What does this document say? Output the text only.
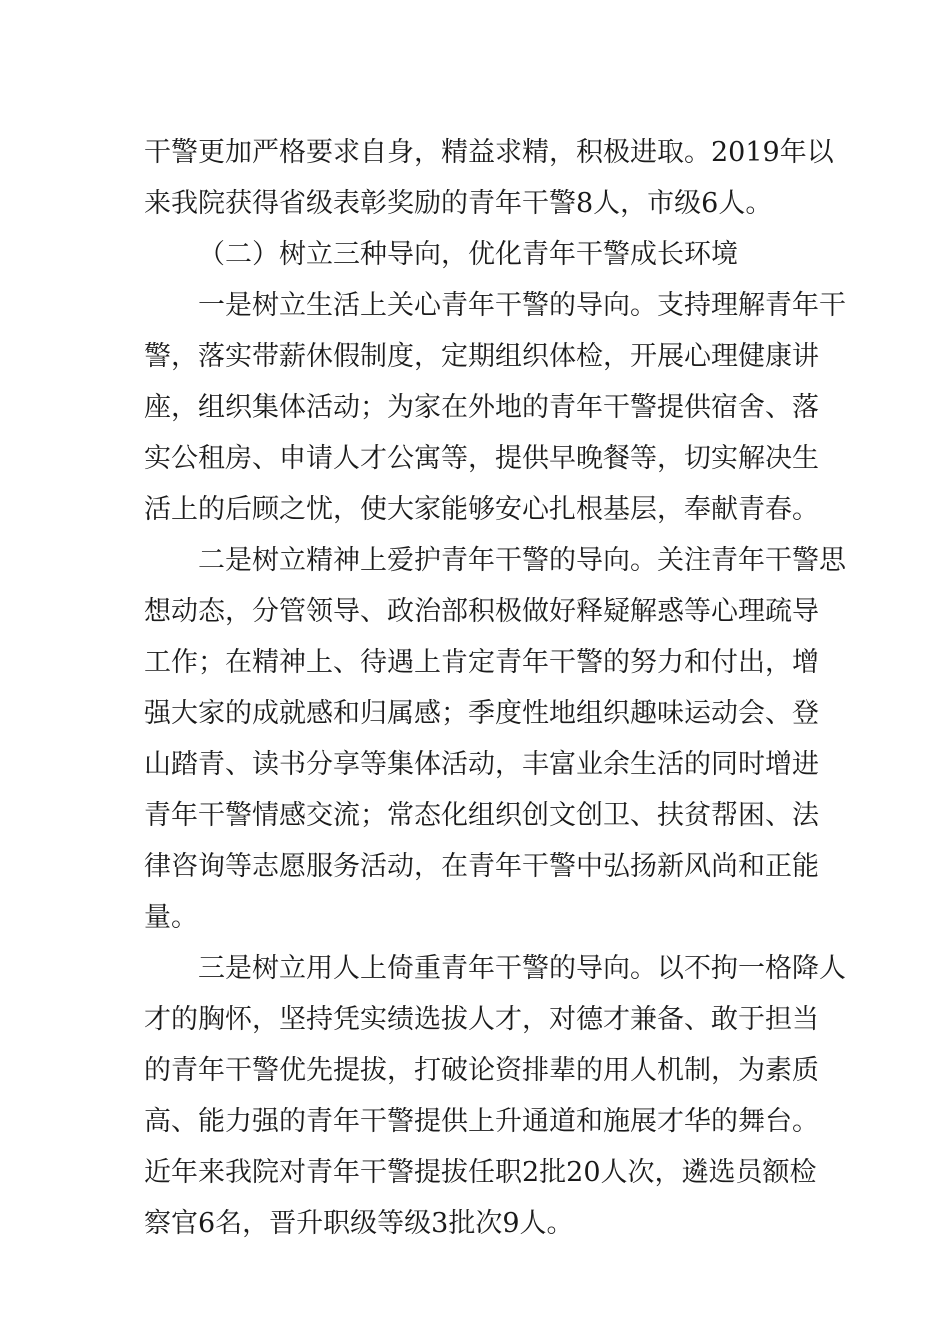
干警更加严格要求自身，精益求精，积极进取。2019年以
来我院获得省级表彰奖励的青年干警8人，市级6人。
（二）树立三种导向，优化青年干警成长环境
一是树立生活上关心青年干警的导向。支持理解青年干
警，落实带薪休假制度，定期组织体检，开展心理健康讲
座，组织集体活动；为家在外地的青年干警提供宿舍、落
实公租房、申请人才公寓等，提供早晚餐等，切实解决生
活上的后顾之忧，使大家能够安心扎根基层，奉献青春。
二是树立精神上爱护青年干警的导向。关注青年干警思
想动态，分管领导、政治部积极做好释疑解惑等心理疏导
工作；在精神上、待遇上肯定青年干警的努力和付出，增
强大家的成就感和归属感；季度性地组织趣味运动会、登
山踏青、读书分享等集体活动，丰富业余生活的同时增进
青年干警情感交流；常态化组织创文创卫、扶贫帮困、法
律咨询等志愿服务活动，在青年干警中弘扬新风尚和正能
量。
三是树立用人上倚重青年干警的导向。以不拘一格降人
才的胸怀，坚持凭实绩选拔人才，对德才兼备、敢于担当
的青年干警优先提拔，打破论资排辈的用人机制，为素质
高、能力强的青年干警提供上升通道和施展才华的舞台。
近年来我院对青年干警提拔任职2批20人次，遴选员额检
察官6名，晋升职级等级3批次9人。
